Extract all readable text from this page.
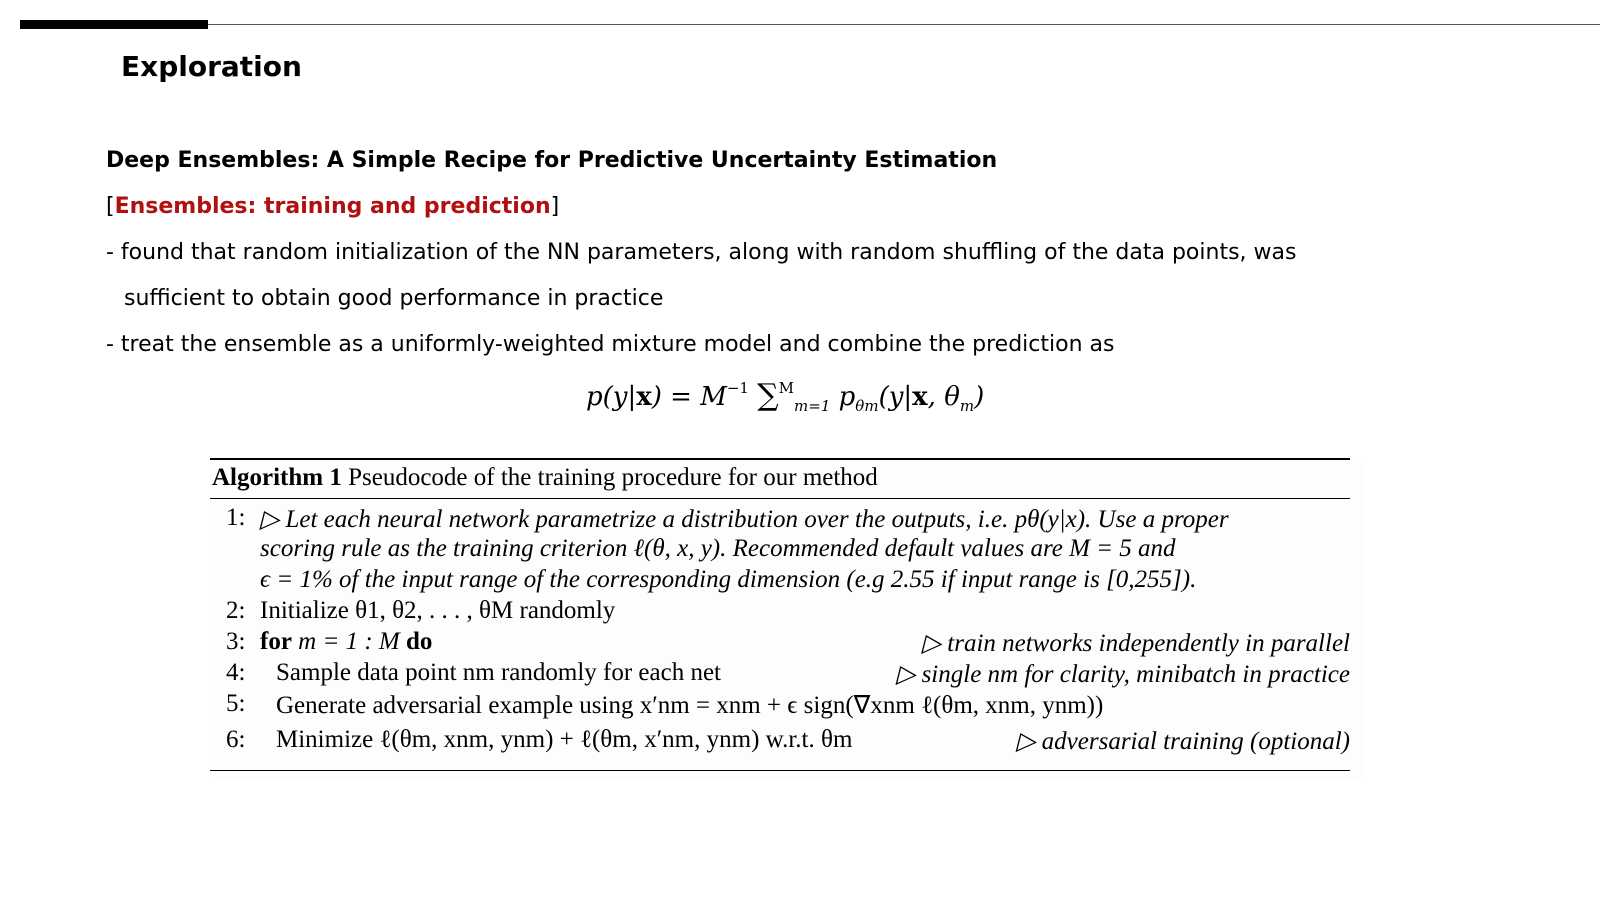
Exploration
Deep Ensembles: A Simple Recipe for Predictive Uncertainty Estimation
[Ensembles: training and prediction]
- found that random initialization of the NN parameters, along with random shuffling of the data points, was
sufficient to obtain good performance in practice
- treat the ensemble as a uniformly-weighted mixture model and combine the prediction as
$p(y|x) = M^{-1}$ ∑$^M_{m=1}$ $p_{\theta m}(y|x$, $\theta_m$)
Algorithm 1 Pseudocode of the training procedure for our method
1: ▷ Let each neural network parametrize a distribution over the outputs, i.e. pθ(y|x). Use a proper
scoring rule as the training criterion ℓ(θ, x, y). Recommended default values are M = 5 and
ϵ = 1% of the input range of the corresponding dimension (e.g 2.55 if input range is [0,255]).
2: Initialize θ1, θ2, . . . , θM randomly
3: for m = 1 : M do	▷ train networks independently in parallel
4: Sample data point nm randomly for each net	▷ single nm for clarity, minibatch in practice
5: Generate adversarial example using x′nm = xnm + ϵ sign(∇xnm ℓ(θm, xnm, ynm))
6: Minimize ℓ(θm, xnm, ynm) + ℓ(θm, x′nm, ynm) w.r.t. θm	▷ adversarial training (optional)
